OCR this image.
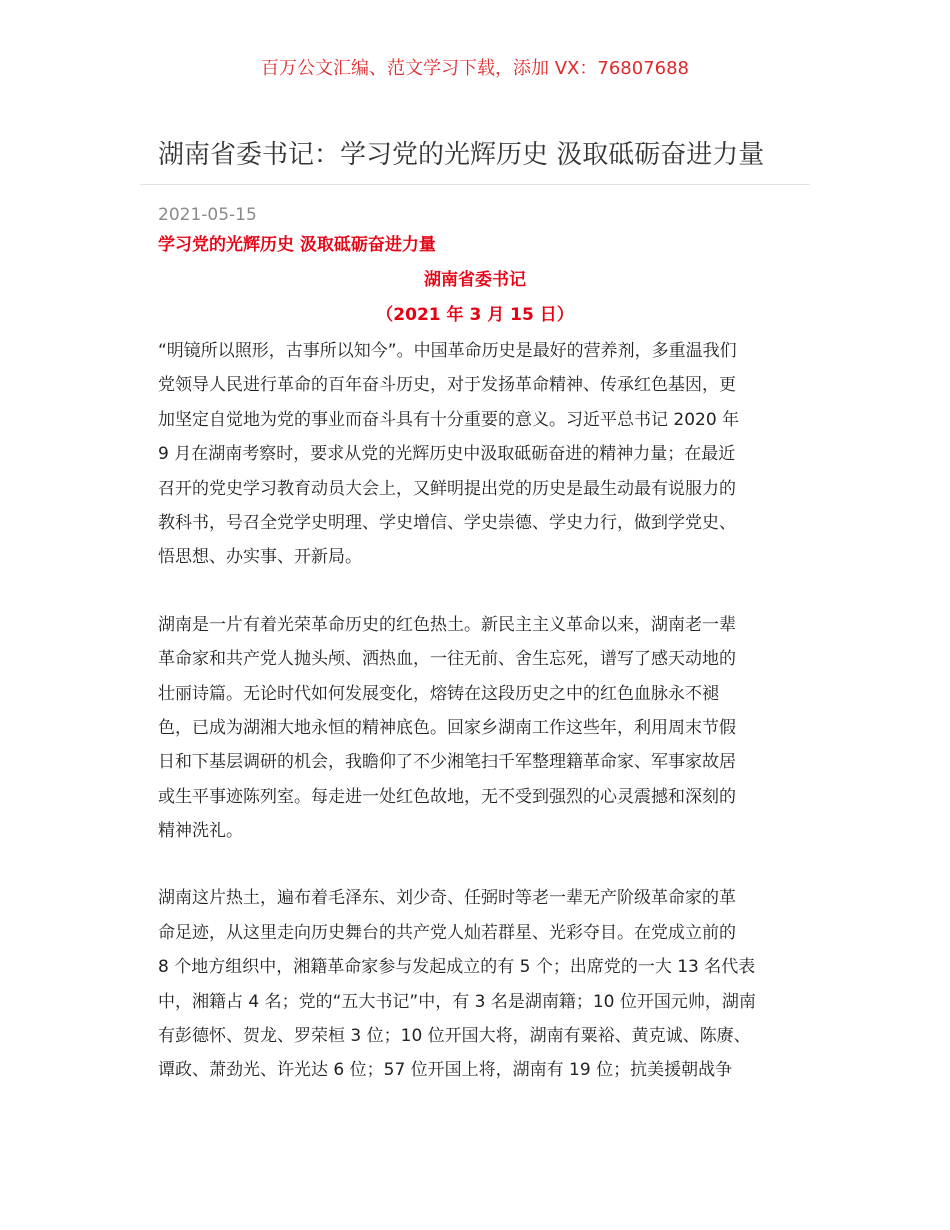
百万公文汇编、范文学习下载，添加 VX：76807688
湖南省委书记：学习党的光辉历史 汲取砥砺奋进力量
2021-05-15
学习党的光辉历史 汲取砥砺奋进力量
湖南省委书记
（2021 年 3 月 15 日）

“明镜所以照形，古事所以知今”。中国革命历史是最好的营养剂，多重温我们
党领导人民进行革命的百年奋斗历史，对于发扬革命精神、传承红色基因，更
加坚定自觉地为党的事业而奋斗具有十分重要的意义。习近平总书记 2020 年
9 月在湖南考察时，要求从党的光辉历史中汲取砥砺奋进的精神力量；在最近
召开的党史学习教育动员大会上，又鲜明提出党的历史是最生动最有说服力的
教科书，号召全党学史明理、学史增信、学史崇德、学史力行，做到学党史、
悟思想、办实事、开新局。

湖南是一片有着光荣革命历史的红色热土。新民主主义革命以来，湖南老一辈
革命家和共产党人抛头颅、洒热血，一往无前、舍生忘死，谱写了感天动地的
壮丽诗篇。无论时代如何发展变化，熔铸在这段历史之中的红色血脉永不褪
色，已成为湖湘大地永恒的精神底色。回家乡湖南工作这些年，利用周末节假
日和下基层调研的机会，我瞻仰了不少湘笔扫千军整理籍革命家、军事家故居
或生平事迹陈列室。每走进一处红色故地，无不受到强烈的心灵震撼和深刻的
精神洗礼。

湖南这片热土，遍布着毛泽东、刘少奇、任弼时等老一辈无产阶级革命家的革
命足迹，从这里走向历史舞台的共产党人灿若群星、光彩夺目。在党成立前的
8 个地方组织中，湘籍革命家参与发起成立的有 5 个；出席党的一大 13 名代表
中，湘籍占 4 名；党的“五大书记”中，有 3 名是湖南籍；10 位开国元帅，湖南
有彭德怀、贺龙、罗荣桓 3 位；10 位开国大将，湖南有粟裕、黄克诚、陈赓、
谭政、萧劲光、许光达 6 位；57 位开国上将，湖南有 19 位；抗美援朝战争
